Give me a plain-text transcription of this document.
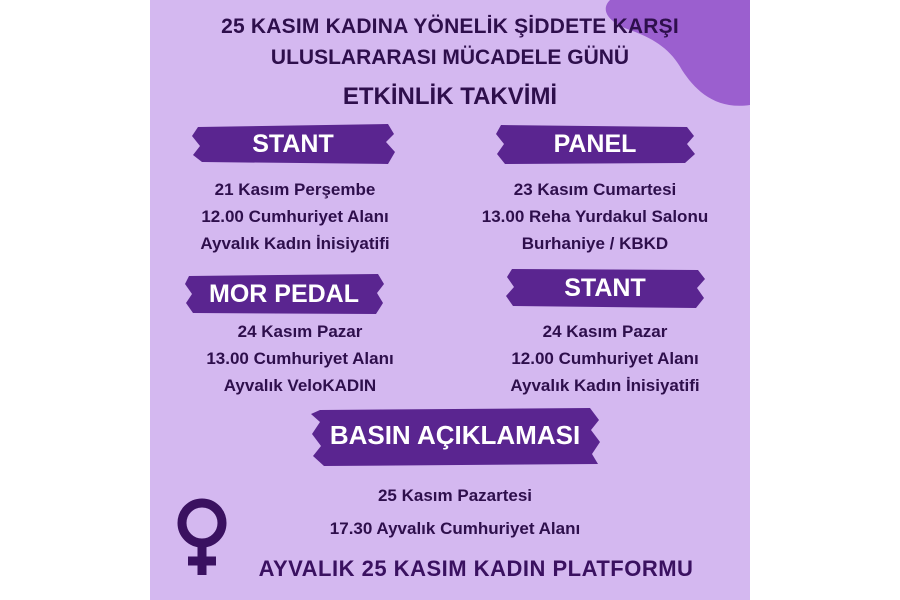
25 KASIM KADINA YÖNELİK ŞİDDETE KARŞI
ULUSLARARASI MÜCADELE GÜNÜ
ETKİNLİK TAKVİMİ
STANT
21 Kasım Perşembe
12.00 Cumhuriyet Alanı
Ayvalık Kadın İnisiyatifi
PANEL
23 Kasım Cumartesi
13.00 Reha Yurdakul Salonu
Burhaniye / KBKD
MOR PEDAL
24 Kasım Pazar
13.00 Cumhuriyet Alanı
Ayvalık VeloKADIN
STANT
24 Kasım Pazar
12.00 Cumhuriyet Alanı
Ayvalık Kadın İnisiyatifi
BASIN AÇIKLAMASI
25 Kasım Pazartesi
17.30 Ayvalık Cumhuriyet Alanı
AYVALIK 25 KASIM KADIN PLATFORMU
